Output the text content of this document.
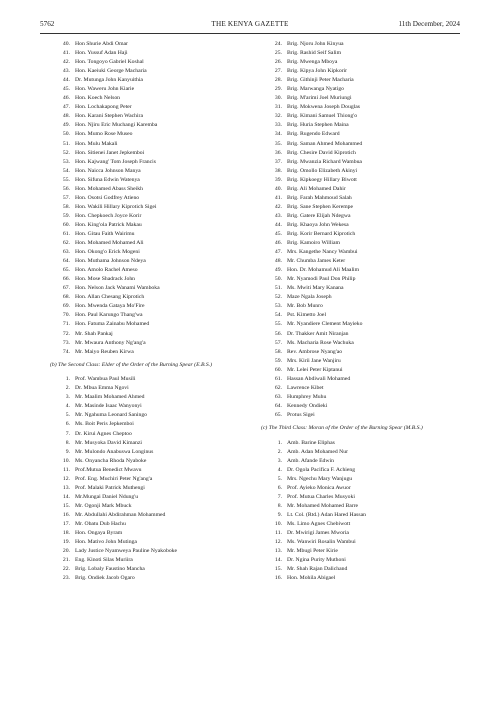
5762	THE KENYA GAZETTE	11th December, 2024
40. Hon Shurie Abdi Omar
41. Hon. Yussuf Adan Haji
42. Hon. Tongoyo Gabriel Koshal
43. Hon. Kaeiuki George Macharia
44. Dr. Mutunga John Kanyuithia
45. Hon. Waweru John Kiarie
46. Hon. Koech Nelson
47. Hon. Lochakapong Peter
48. Hon. Karani Stephen Wachira
49. Hon. Njiru Eric Muchangi Karemba
50. Hon. Mumo Rose Museo
51. Hon. Mulu Makali
52. Hon. Sitienei Janet Jepkemboi
53. Hon. Kajwang' Tom Joseph Francis
54. Hon. Naicca Johnson Manya
55. Hon. Sifuna Edwin Watenya
56. Hon. Mohamed Abass Sheikh
57. Hon. Osotsi Godfrey Atieno
58. Hon. Wakili Hillary Kiprotich Sigei
59. Hon. Chepkoech Joyce Korir
60. Hon. King'ola Patrick Makau
61. Hon. Gitau Faith Wairimu
62. Hon. Mohamed Mohamed Ali
63. Hon. Okong'o Erick Mogeni
64. Hon. Muthama Johnson Ndeya
65. Hon. Amolo Rachel Ameso
66. Hon. Mose Shadrack John
67. Hon. Nelson Jack Wanami Wamboka
68. Hon. Allan Chesang Kiprotich
69. Hon. Mwenda Gataya Mo'Fire
70. Hon. Paul Karungo Thang'wa
71. Hon. Fatuma Zainabu Mohamed
72. Mr. Shah Pankaj
73. Mr. Mwaura Anthony Ng'ang'a
74. Mr. Maiyo Reuben Kirwa
(b) The Second Class: Elder of the Order of the Burning Spear (E.B.S.)
1. Prof. Wambua Paul Musili
2. Dr. Mbua Emma Ngovi
3. Mr. Maalim Mohamed Ahmed
4. Mr. Masinde Isaac Wanyonyi
5. Mr. Ngahuma Leonard Saningo
6. Ms. Boit Peris Jepkemboi
7. Dr. Kirui Agnes Cheptoo
8. Mr. Musyoka David Kimanzi
9. Mr. Mulondo Anabuswa Longinus
10. Ms. Onyancha Rhoda Nyaboke
11. Prof.Mutua Benedict Mwavu
12. Prof. Eng. Muchiri Peter Ng'ang'a
13. Prof. Malaki Patrick Muthengi
14. Mr.Mungai Daniel Ndung'u
15. Mr. Ogonji Mark Mbuck
16. Mr. Abdullahi Abdirahman Mohammed
17. Mr. Obatu Dub Hachu
18. Hon. Ongaya Byram
19. Hon. Mativo John Mutinga
20. Lady Justice Nyamweya Pauline Nyakoboke
21. Eng. Kinoti Silas Muriira
22. Brig. Lobaly Faustino Mancha
23. Brig. Ondiek Jacob Ogaro
24. Brig. Njoru John Kinyua
25. Brig. Rashid Seif Salim
26. Brig. Mwenga Mboya
27. Brig. Kipya John Kipkorir
28. Brig. Githinji Peter Macharia
29. Brig. Marwanga Nyatigo
30. Brig. M'arimi Joel Muriungi
31. Brig. Mokwena Joseph Douglas
32. Brig. Kimani Samuel Thiong'o
33. Brig. Huria Stephen Maina
34. Brig. Rugendo Edward
35. Brig. Saman Ahmed Mohammed
36. Brig. Chesire David Kiprotich
37. Brig. Mwanzia Richard Wambua
38. Brig. Omollo Elizabeth Akinyi
39. Brig. Kipkoegy Hillary Biwott
40. Brig. Ali Mohamed Dahir
41. Brig. Farah Mahmoud Salah
42. Brig. Sane Stephen Kerempe
43. Brig. Gatere Elijah Ndegwa
44. Brig. Khaoya John Wekesa
45. Brig. Korir Bernard Kiprotich
46. Brig. Kamoiro William
47. Mrs. Kangethe Nancy Wambui
48. Mr. Chumba James Keter
49. Hon. Dr. Mohamud Ali Maalim
50. Mr. Nyamodi Paul Don Philip
51. Ms. Mwiti Mary Kanana
52. Maze Ngala Joseph
53. Mr. Bob Munro
54. Pst. Kimetto Joel
55. Mr. Nyandiere Clement Mayieko
56. Dr. Thakker Amit Niranjan
57. Ms. Macharia Rose Wachuka
58. Rev. Ambrose Nyang'ao
59. Mrs. Kirii Jane Wanjiru
60. Mr. Lelei Peter Kiptanui
61. Hassan Abdiwali Mohamed
62. Lawrence Kibet
63. Humphrey Muhu
64. Kennedy Ondieki
65. Protus Sigei
(c) The Third Class: Moran of the Order of the Burning Spear (M.B.S.)
1. Amb. Barine Eliphas
2. Amb. Adan Mohamed Nur
3. Amb. Afande Edwin
4. Dr. Ogola Pacifica F. Achieng
5. Mrs. Ngechu Mary Wanjugu
6. Prof. Ayieko Monica Awuor
7. Prof. Mutua Charles Musyoki
8. Mr. Mohamed Mohamed Barre
9. Lt. Col. (Rtd.) Adan Hared Hassan
10. Ms. Limo Agnes Chebiwott
11. Dr. Mwirigi James Mworia
12. Ms. Wanwiri Rosalin Wambui
13. Mr. Mbugi Peter Kirie
14. Dr. Ngina Purity Muthoni
15. Mr. Shah Rajan Dalichand
16. Hon. Mohila Abigael
